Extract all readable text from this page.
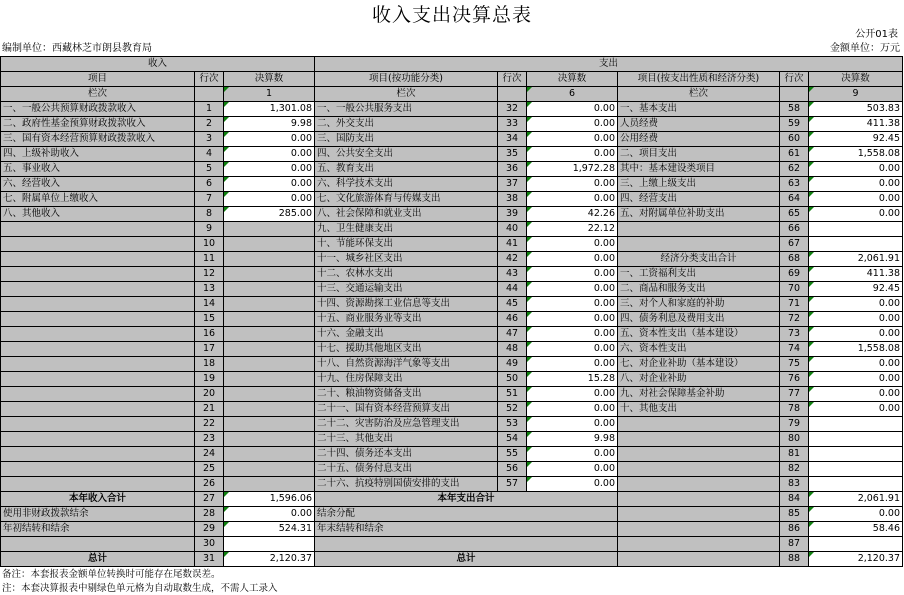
收入支出决算总表
公开01表
编制单位：西藏林芝市朗县教育局	金额单位：万元
收入			支出					
项目	行次	决算数	项目(按功能分类)	行次	决算数	项目(按支出性质和经济分类)	行次	决算数
栏次		1	栏次		6	栏次		9
一、一般公共预算财政拨款收入	1	1,301.08	一、一般公共服务支出	32	0.00	一、基本支出	58	503.83
二、政府性基金预算财政拨款收入	2	9.98	二、外交支出	33	0.00	人员经费	59	411.38
三、国有资本经营预算财政拨款收入	3	0.00	三、国防支出	34	0.00	公用经费	60	92.45
四、上级补助收入	4	0.00	四、公共安全支出	35	0.00	二、项目支出	61	1,558.08
五、事业收入	5	0.00	五、教育支出	36	1,972.28	其中：基本建设类项目	62	0.00
六、经营收入	6	0.00	六、科学技术支出	37	0.00	三、上缴上级支出	63	0.00
七、附属单位上缴收入	7	0.00	七、文化旅游体育与传媒支出	38	0.00	四、经营支出	64	0.00
八、其他收入	8	285.00	八、社会保障和就业支出	39	42.26	五、对附属单位补助支出	65	0.00
	9		九、卫生健康支出	40	22.12		66	
	10		十、节能环保支出	41	0.00		67	
	11		十一、城乡社区支出	42	0.00	经济分类支出合计	68	2,061.91
	12		十二、农林水支出	43	0.00	一、工资福利支出	69	411.38
	13		十三、交通运输支出	44	0.00	二、商品和服务支出	70	92.45
	14		十四、资源勘探工业信息等支出	45	0.00	三、对个人和家庭的补助	71	0.00
	15		十五、商业服务业等支出	46	0.00	四、债务利息及费用支出	72	0.00
	16		十六、金融支出	47	0.00	五、资本性支出（基本建设）	73	0.00
	17		十七、援助其他地区支出	48	0.00	六、资本性支出	74	1,558.08
	18		十八、自然资源海洋气象等支出	49	0.00	七、对企业补助（基本建设）	75	0.00
	19		十九、住房保障支出	50	15.28	八、对企业补助	76	0.00
	20		二十、粮油物资储备支出	51	0.00	九、对社会保障基金补助	77	0.00
	21		二十一、国有资本经营预算支出	52	0.00	十、其他支出	78	0.00
	22		二十二、灾害防治及应急管理支出	53	0.00		79	
	23		二十三、其他支出	54	9.98		80	
	24		二十四、债务还本支出	55	0.00		81	
	25		二十五、债务付息支出	56	0.00		82	
	26		二十六、抗疫特别国债安排的支出	57	0.00		83	
本年收入合计	27	1,596.06	本年支出合计				84	2,061.91
使用非财政拨款结余	28	0.00	结余分配				85	0.00
年初结转和结余	29	524.31	年末结转和结余				86	58.46
	30						87	
总计	31	2,120.37	总计				88	2,120.37
备注：本套报表金额单位转换时可能存在尾数误差。
注：本套决算报表中剔绿色单元格为自动取数生成，不需人工录入
